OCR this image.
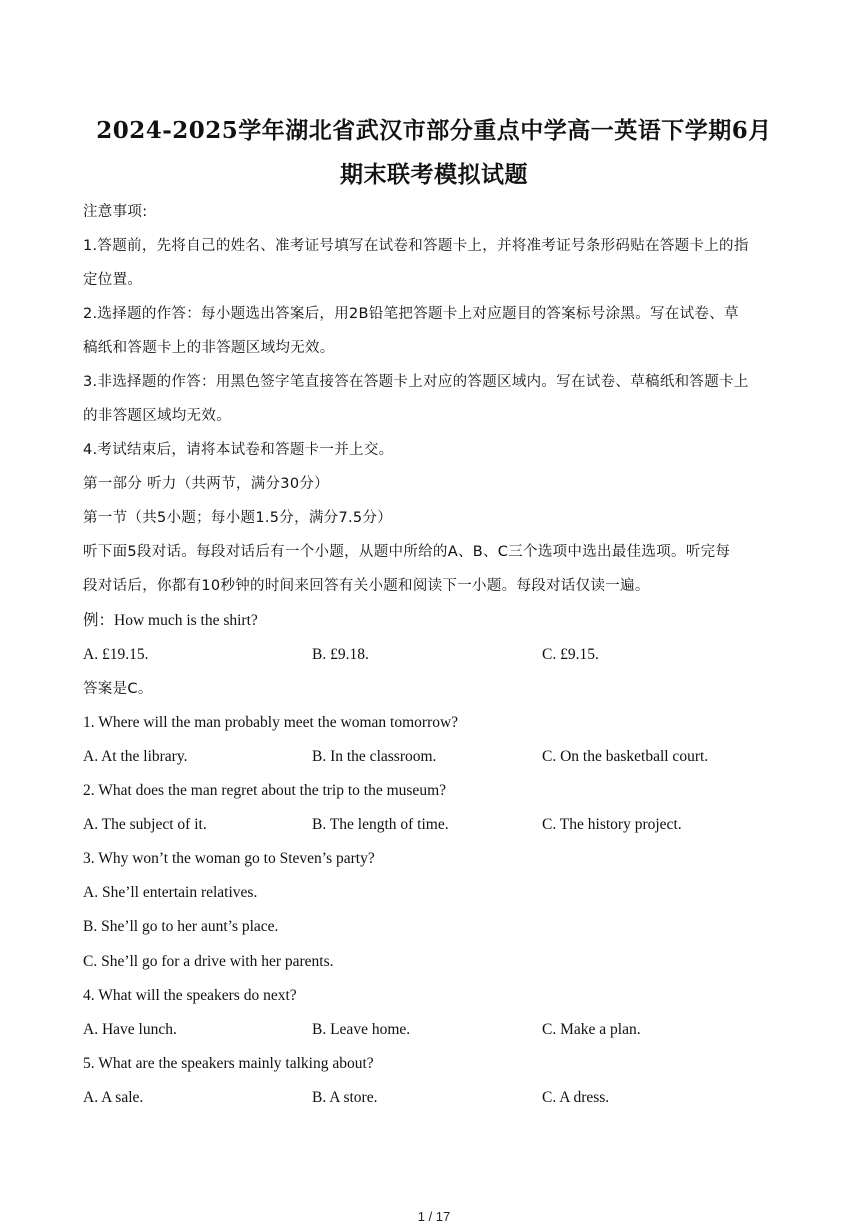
2024-2025学年湖北省武汉市部分重点中学高一英语下学期6月
期末联考模拟试题
注意事项:
1.答题前，先将自己的姓名、准考证号填写在试卷和答题卡上，并将准考证号条形码贴在答题卡上的指
定位置。
2.选择题的作答：每小题选出答案后，用2B铅笔把答题卡上对应题目的答案标号涂黑。写在试卷、草
稿纸和答题卡上的非答题区域均无效。
3.非选择题的作答：用黑色签字笔直接答在答题卡上对应的答题区域内。写在试卷、草稿纸和答题卡上
的非答题区域均无效。
4.考试结束后，请将本试卷和答题卡一并上交。
第一部分 听力（共两节，满分30分）
第一节（共5小题；每小题1.5分，满分7.5分）
听下面5段对话。每段对话后有一个小题，从题中所给的A、B、C三个选项中选出最佳选项。听完每
段对话后，你都有10秒钟的时间来回答有关小题和阅读下一小题。每段对话仅读一遍。
例：How much is the shirt?
A. £19.15.	B. £9.18.	C. £9.15.
答案是C。
1. Where will the man probably meet the woman tomorrow?
A. At the library.	B. In the classroom.	C. On the basketball court.
2. What does the man regret about the trip to the museum?
A. The subject of it.	B. The length of time.	C. The history project.
3. Why won’t the woman go to Steven’s party?
A. She’ll entertain relatives.
B. She’ll go to her aunt’s place.
C. She’ll go for a drive with her parents.
4. What will the speakers do next?
A. Have lunch.	B. Leave home.	C. Make a plan.
5. What are the speakers mainly talking about?
A. A sale.	B. A store.	C. A dress.
1 / 17
